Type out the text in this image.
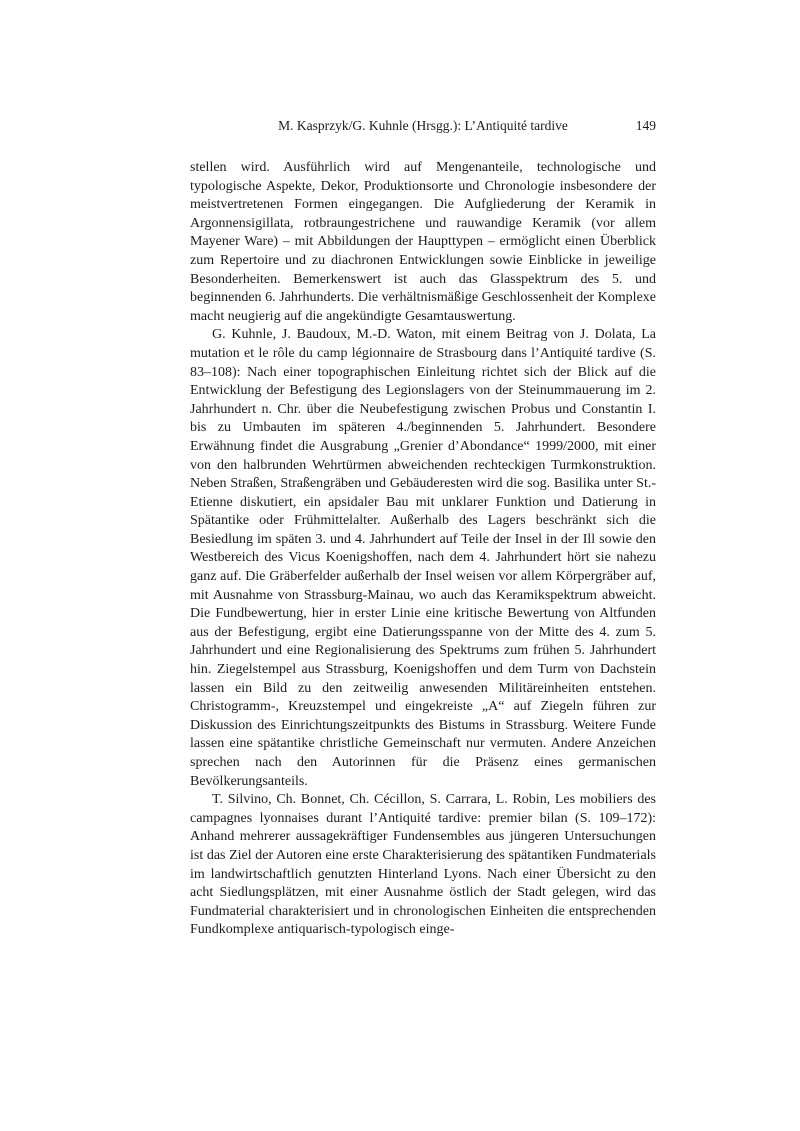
M. Kasprzyk/G. Kuhnle (Hrsgg.): L’Antiquité tardive	149

stellen wird. Ausführlich wird auf Mengenanteile, technologische und typologische Aspekte, Dekor, Produktionsorte und Chronologie insbesondere der meistvertretenen Formen eingegangen. Die Aufgliederung der Keramik in Argonnensigillata, rotbraungestrichene und rauwandige Keramik (vor allem Mayener Ware) – mit Abbildungen der Haupttypen – ermöglicht einen Überblick zum Repertoire und zu diachronen Entwicklungen sowie Einblicke in jeweilige Besonderheiten. Bemerkenswert ist auch das Glasspektrum des 5. und beginnenden 6. Jahrhunderts. Die verhältnismäßige Geschlossenheit der Komplexe macht neugierig auf die angekündigte Gesamtauswertung.

G. Kuhnle, J. Baudoux, M.-D. Waton, mit einem Beitrag von J. Dolata, La mutation et le rôle du camp légionnaire de Strasbourg dans l’Antiquité tardive (S. 83–108): Nach einer topographischen Einleitung richtet sich der Blick auf die Entwicklung der Befestigung des Legionslagers von der Steinummauerung im 2. Jahrhundert n. Chr. über die Neubefestigung zwischen Probus und Constantin I. bis zu Umbauten im späteren 4./beginnenden 5. Jahrhundert. Besondere Erwähnung findet die Ausgrabung „Grenier d’Abondance“ 1999/2000, mit einer von den halbrunden Wehrtürmen abweichenden rechteckigen Turmkonstruktion. Neben Straßen, Straßengräben und Gebäuderesten wird die sog. Basilika unter St.-Etienne diskutiert, ein apsidaler Bau mit unklarer Funktion und Datierung in Spätantike oder Frühmittelalter. Außerhalb des Lagers beschränkt sich die Besiedlung im späten 3. und 4. Jahrhundert auf Teile der Insel in der Ill sowie den Westbereich des Vicus Koenigshoffen, nach dem 4. Jahrhundert hört sie nahezu ganz auf. Die Gräberfelder außerhalb der Insel weisen vor allem Körpergräber auf, mit Ausnahme von Strassburg-Mainau, wo auch das Keramikspektrum abweicht. Die Fundbewertung, hier in erster Linie eine kritische Bewertung von Altfunden aus der Befestigung, ergibt eine Datierungsspanne von der Mitte des 4. zum 5. Jahrhundert und eine Regionalisierung des Spektrums zum frühen 5. Jahrhundert hin. Ziegelstempel aus Strassburg, Koenigshoffen und dem Turm von Dachstein lassen ein Bild zu den zeitweilig anwesenden Militäreinheiten entstehen. Christogramm-, Kreuzstempel und eingekreiste „A“ auf Ziegeln führen zur Diskussion des Einrichtungszeitpunkts des Bistums in Strassburg. Weitere Funde lassen eine spätantike christliche Gemeinschaft nur vermuten. Andere Anzeichen sprechen nach den Autorinnen für die Präsenz eines germanischen Bevölkerungsanteils.

T. Silvino, Ch. Bonnet, Ch. Cécillon, S. Carrara, L. Robin, Les mobiliers des campagnes lyonnaises durant l’Antiquité tardive: premier bilan (S. 109–172): Anhand mehrerer aussagekräftiger Fundensembles aus jüngeren Untersuchungen ist das Ziel der Autoren eine erste Charakterisierung des spätantiken Fundmaterials im landwirtschaftlich genutzten Hinterland Lyons. Nach einer Übersicht zu den acht Siedlungsplätzen, mit einer Ausnahme östlich der Stadt gelegen, wird das Fundmaterial charakterisiert und in chronologischen Einheiten die entsprechenden Fundkomplexe antiquarisch-typologisch einge-
